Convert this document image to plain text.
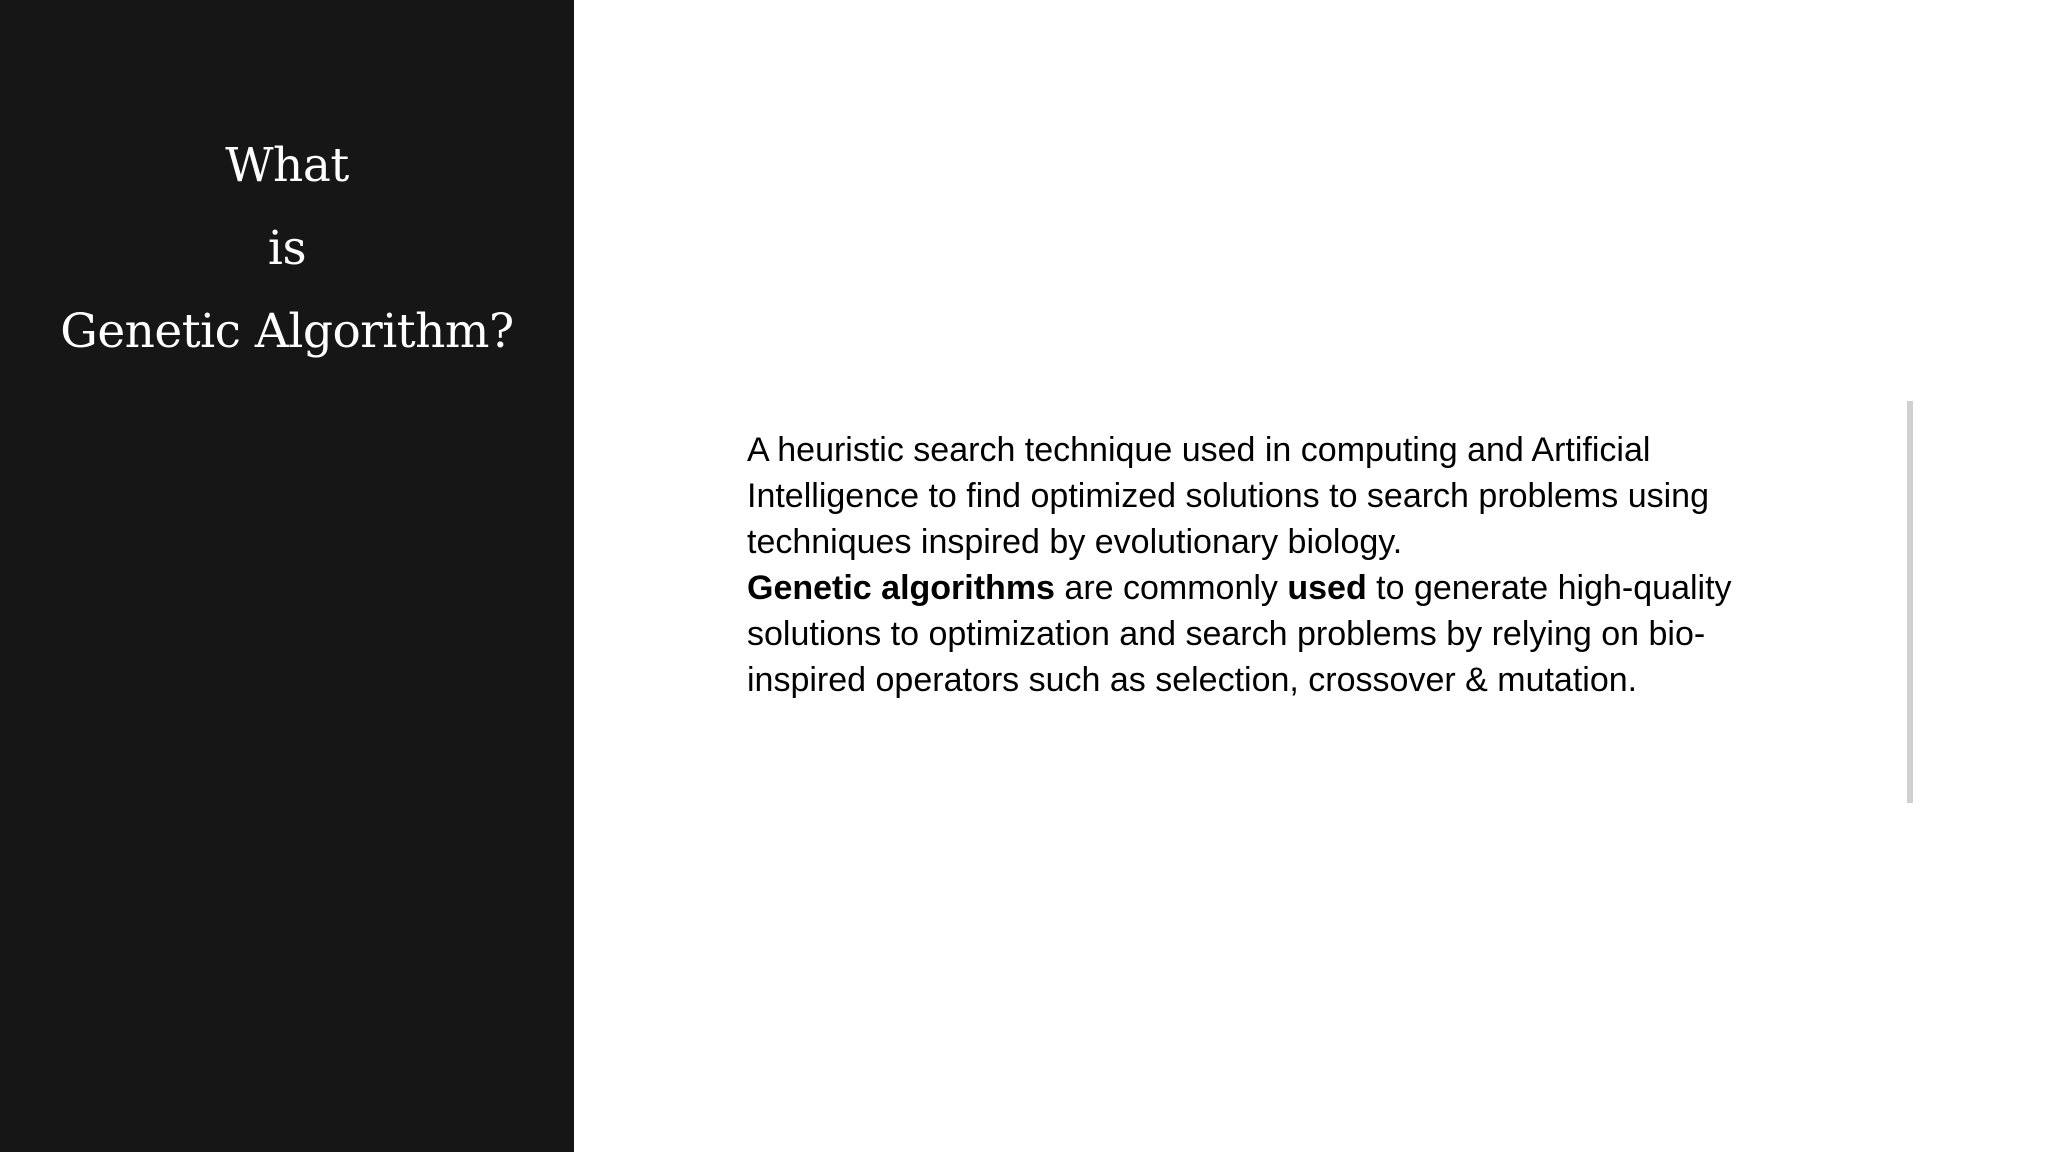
What
is
Genetic Algorithm?

A heuristic search technique used in computing and Artificial Intelligence to find optimized solutions to search problems using techniques inspired by evolutionary biology.

Genetic algorithms are commonly used to generate high-quality solutions to optimization and search problems by relying on bio-inspired operators such as selection, crossover & mutation.
